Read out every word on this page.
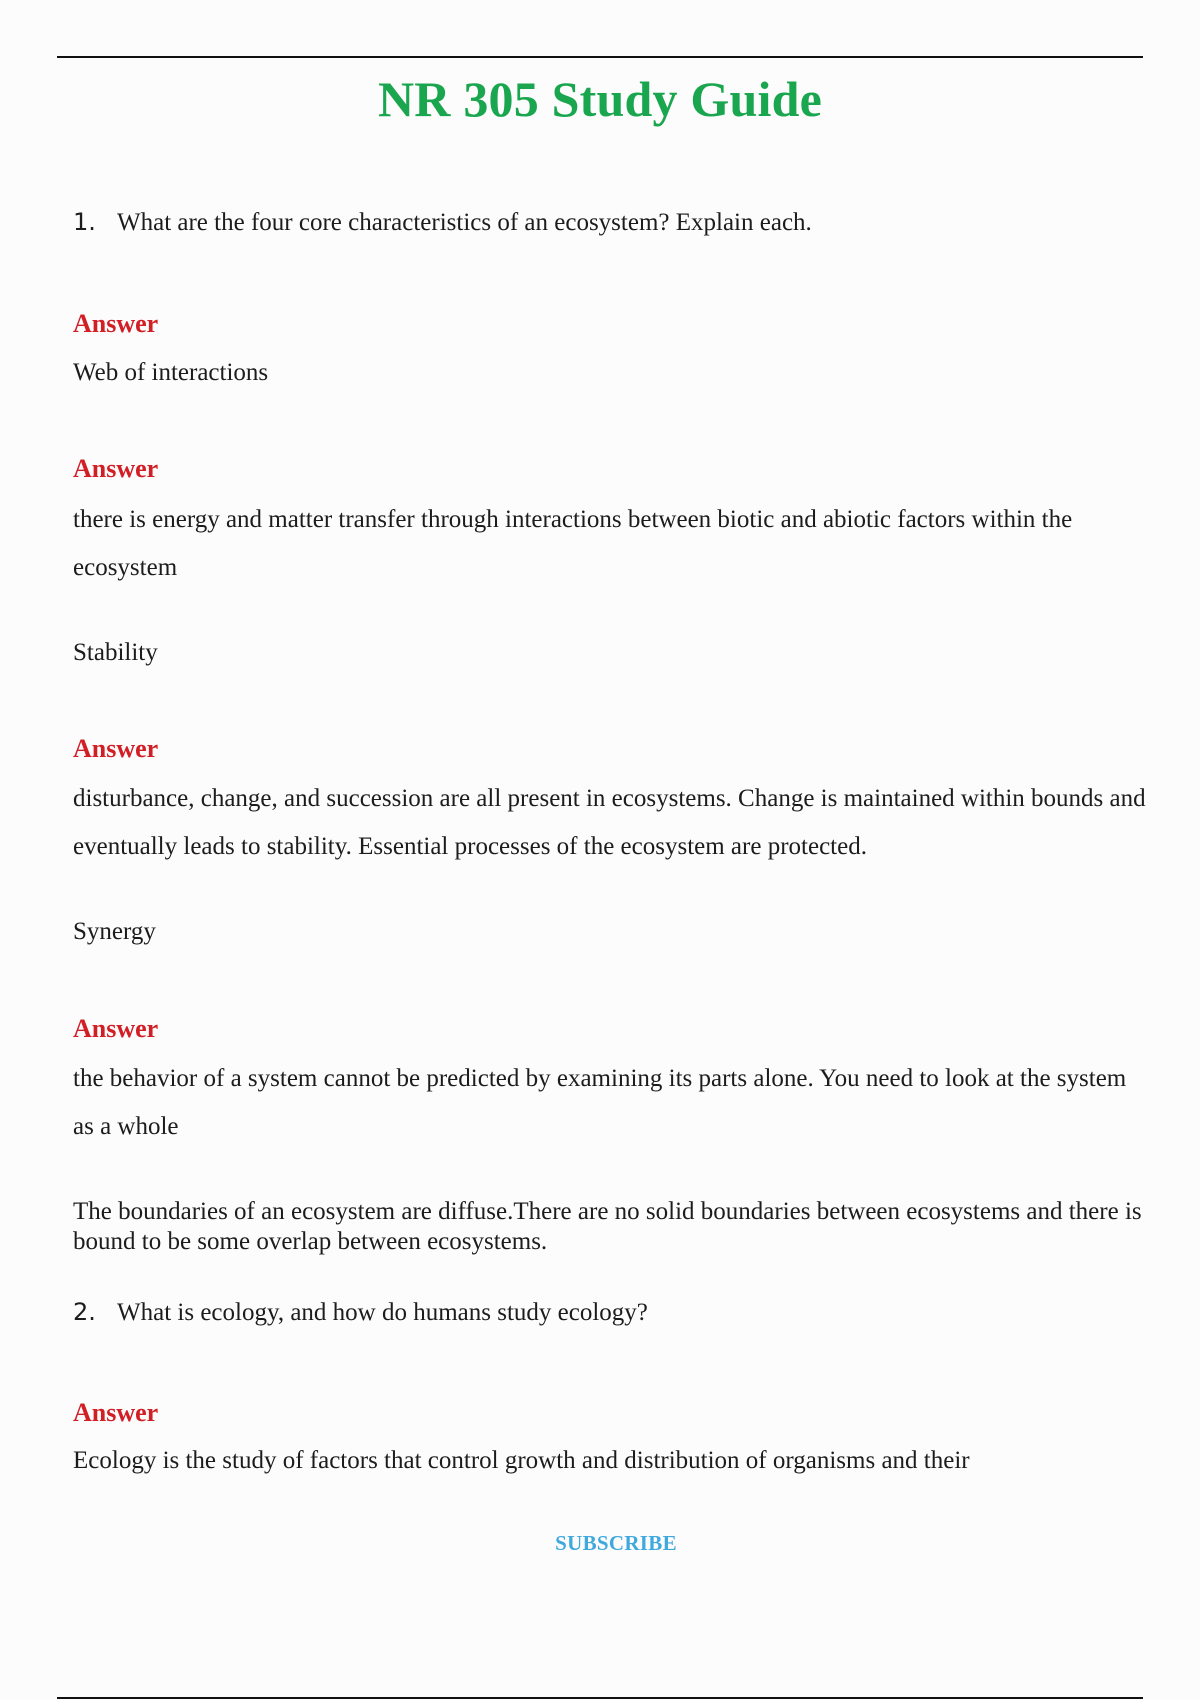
NR 305 Study Guide
1. What are the four core characteristics of an ecosystem? Explain each.
Answer
Web of interactions
Answer
there is energy and matter transfer through interactions between biotic and abiotic factors within the ecosystem
Stability
Answer
disturbance, change, and succession are all present in ecosystems. Change is maintained within bounds and eventually leads to stability. Essential processes of the ecosystem are protected.
Synergy
Answer
the behavior of a system cannot be predicted by examining its parts alone. You need to look at the system as a whole
The boundaries of an ecosystem are diffuse.There are no solid boundaries between ecosystems and there is bound to be some overlap between ecosystems.
2. What is ecology, and how do humans study ecology?
Answer
Ecology is the study of factors that control growth and distribution of organisms and their
SUBSCRIBE
